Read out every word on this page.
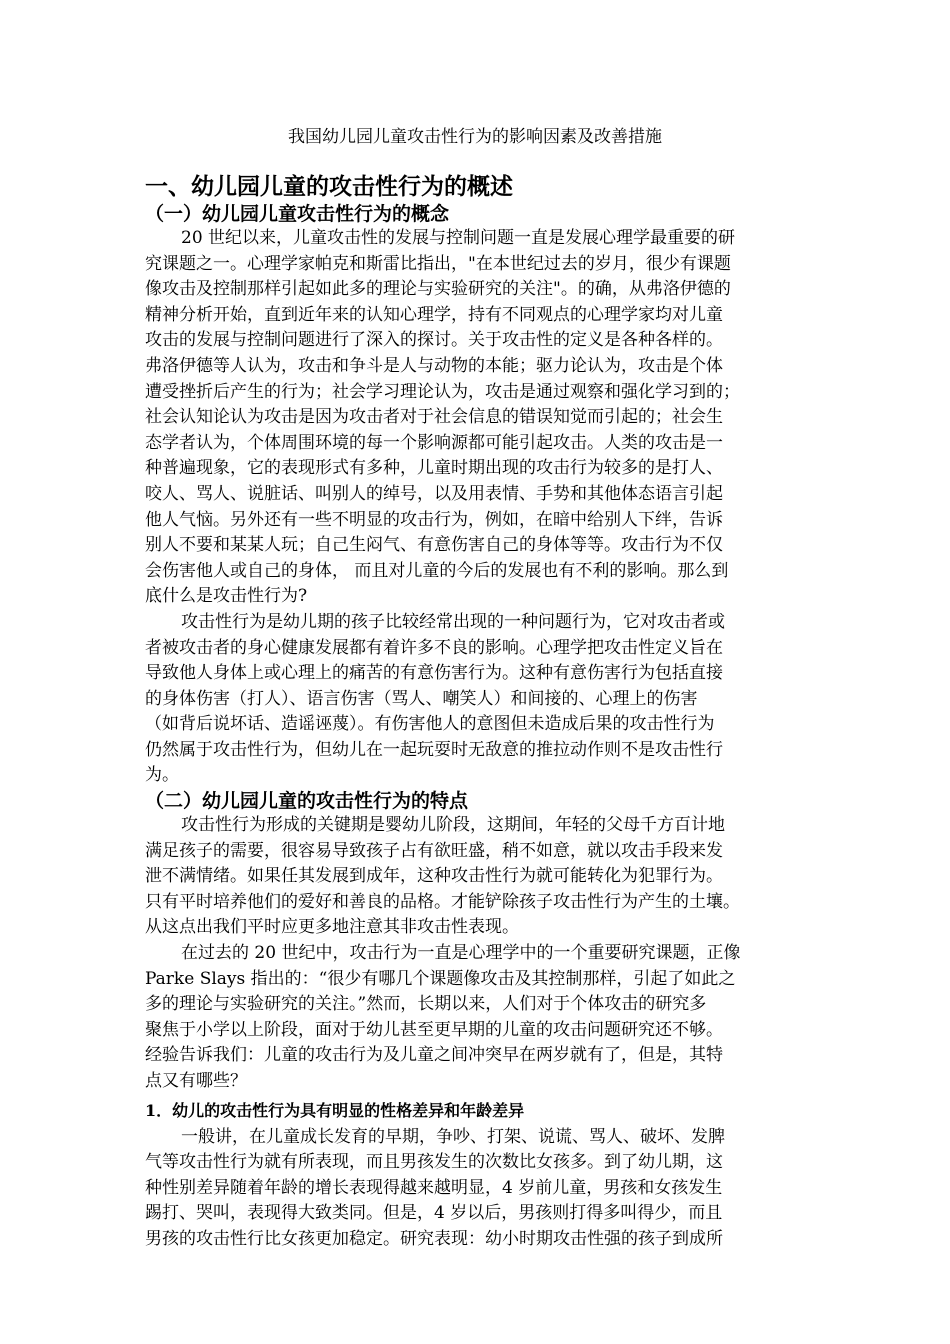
我国幼儿园儿童攻击性行为的影响因素及改善措施
一、幼儿园儿童的攻击性行为的概述
（一）幼儿园儿童攻击性行为的概念
20 世纪以来，儿童攻击性的发展与控制问题一直是发展心理学最重要的研
究课题之一。心理学家帕克和斯雷比指出，"在本世纪过去的岁月，很少有课题
像攻击及控制那样引起如此多的理论与实验研究的关注"。的确，从弗洛伊德的
精神分析开始，直到近年来的认知心理学，持有不同观点的心理学家均对儿童
攻击的发展与控制问题进行了深入的探讨。关于攻击性的定义是各种各样的。
弗洛伊德等人认为，攻击和争斗是人与动物的本能；驱力论认为，攻击是个体
遭受挫折后产生的行为；社会学习理论认为，攻击是通过观察和强化学习到的；
社会认知论认为攻击是因为攻击者对于社会信息的错误知觉而引起的；社会生
态学者认为，个体周围环境的每一个影响源都可能引起攻击。人类的攻击是一
种普遍现象，它的表现形式有多种，儿童时期出现的攻击行为较多的是打人、
咬人、骂人、说脏话、叫别人的绰号，以及用表情、手势和其他体态语言引起
他人气恼。另外还有一些不明显的攻击行为，例如，在暗中给别人下绊，告诉
别人不要和某某人玩；自己生闷气、有意伤害自己的身体等等。攻击行为不仅
会伤害他人或自己的身体， 而且对儿童的今后的发展也有不利的影响。那么到
底什么是攻击性行为?
攻击性行为是幼儿期的孩子比较经常出现的一种问题行为，它对攻击者或
者被攻击者的身心健康发展都有着许多不良的影响。心理学把攻击性定义旨在
导致他人身体上或心理上的痛苦的有意伤害行为。这种有意伤害行为包括直接
的身体伤害（打人）、语言伤害（骂人、嘲笑人）和间接的、心理上的伤害
（如背后说坏话、造谣诬蔑）。有伤害他人的意图但未造成后果的攻击性行为
仍然属于攻击性行为，但幼儿在一起玩耍时无敌意的推拉动作则不是攻击性行
为。
（二）幼儿园儿童的攻击性行为的特点
攻击性行为形成的关键期是婴幼儿阶段，这期间，年轻的父母千方百计地
满足孩子的需要，很容易导致孩子占有欲旺盛，稍不如意，就以攻击手段来发
泄不满情绪。如果任其发展到成年，这种攻击性行为就可能转化为犯罪行为。
只有平时培养他们的爱好和善良的品格。才能铲除孩子攻击性行为产生的土壤。
从这点出我们平时应更多地注意其非攻击性表现。
在过去的 20 世纪中，攻击行为一直是心理学中的一个重要研究课题，正像
Parke Slays 指出的：“很少有哪几个课题像攻击及其控制那样，引起了如此之
多的理论与实验研究的关注。”然而，长期以来，人们对于个体攻击的研究多
聚焦于小学以上阶段，面对于幼儿甚至更早期的儿童的攻击问题研究还不够。
经验告诉我们：儿童的攻击行为及儿童之间冲突早在两岁就有了，但是，其特
点又有哪些？
1．幼儿的攻击性行为具有明显的性格差异和年龄差异
一般讲，在儿童成长发育的早期，争吵、打架、说谎、骂人、破坏、发脾
气等攻击性行为就有所表现，而且男孩发生的次数比女孩多。到了幼儿期，这
种性别差异随着年龄的增长表现得越来越明显，4 岁前儿童，男孩和女孩发生
踢打、哭叫，表现得大致类同。但是，4 岁以后，男孩则打得多叫得少，而且
男孩的攻击性行比女孩更加稳定。研究表现：幼小时期攻击性强的孩子到成所
